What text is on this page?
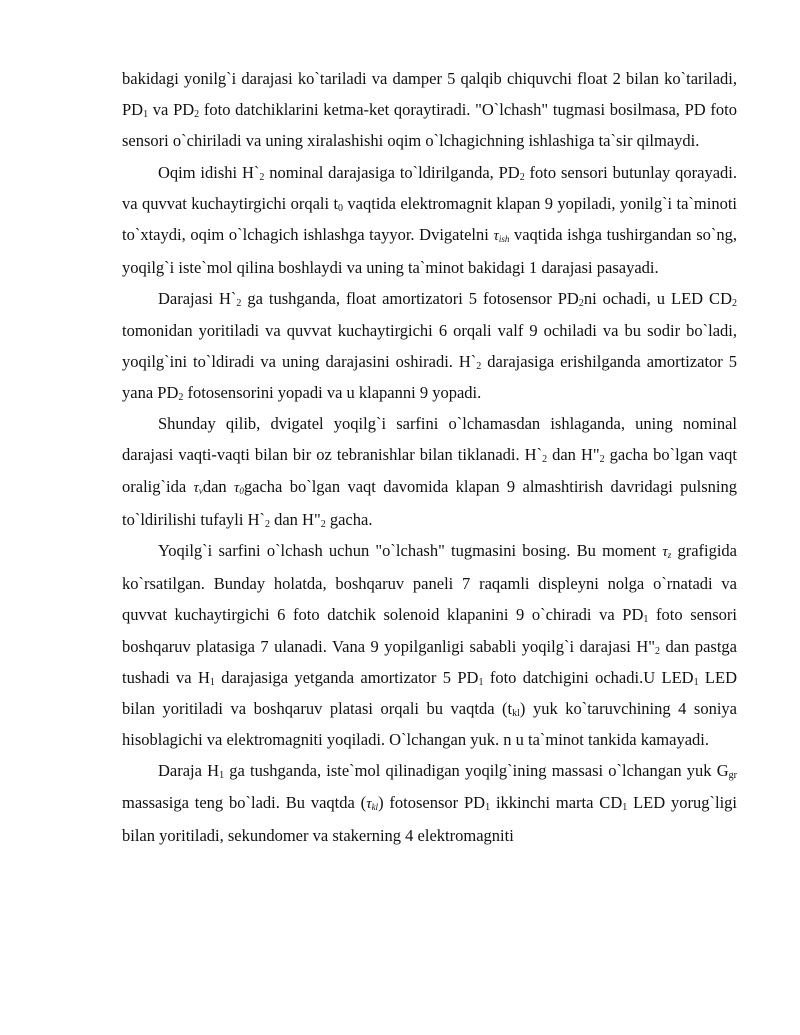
bakidagi yonilg`i darajasi ko`tariladi va damper 5 qalqib chiquvchi float 2 bilan ko`tariladi, $PD_1$ va $PD_2$ foto datchiklarini ketma-ket qoraytiradi. "O`lchash" tugmasi bosilmasa, PD foto sensori o`chiriladi va uning xiralashishi oqim o`lchagichning ishlashiga ta`sir qilmaydi.

Oqim idishi $H`_2$ nominal darajasiga to`ldirilganda, $PD_2$ foto sensori butunlay qorayadi. va quvvat kuchaytirgichi orqali $t_0$ vaqtida elektromagnit klapan 9 yopiladi, yonilg`i ta`minoti to`xtaydi, oqim o`lchagich ishlashga tayyor. Dvigatelni $\tau_{ish}$ vaqtida ishga tushirgandan so`ng, yoqilg`i iste`mol qilina boshlaydi va uning ta`minot bakidagi 1 darajasi pasayadi.

Darajasi $H`_2$ ga tushganda, float amortizatori 5 fotosensor $PD_2ni$ ochadi, u LED $CD_2$ tomonidan yoritiladi va quvvat kuchaytirgichi 6 orqali valf 9 ochiladi va bu sodir bo`ladi, yoqilg`ini to`ldiradi va uning darajasini oshiradi. $H`_2$ darajasiga erishilganda amortizator 5 yana $PD_2$ fotosensorini yopadi va u klapanni 9 yopadi.

Shunday qilib, dvigatel yoqilg`i sarfini o`lchamasdan ishlaganda, uning nominal darajasi vaqti-vaqti bilan bir oz tebranishlar bilan tiklanadi. $H`_2$ dan $H"_2$ gacha bo`lgan vaqt oralig`ida $\tau_vdan$ $\tau_0gacha$ bo`lgan vaqt davomida klapan 9 almashtirish davridagi pulsning to`ldirilishi tufayli $H`_2$ dan $H"_2$ gacha.

Yoqilg`i sarfini o`lchash uchun "o`lchash" tugmasini bosing. Bu moment $\tau_z$ grafigida ko`rsatilgan. Bunday holatda, boshqaruv paneli 7 raqamli displeyni nolga o`rnatadi va quvvat kuchaytirgichi 6 foto datchik solenoid klapanini 9 o`chiradi va $PD_1$ foto sensori boshqaruv platasiga 7 ulanadi. Vana 9 yopilganligi sababli yoqilg`i darajasi $H"_2$ dan pastga tushadi va $H_1$ darajasiga yetganda amortizator 5 $PD_1$ foto datchigini ochadi.U $LED_1$ LED bilan yoritiladi va boshqaruv platasi orqali bu vaqtda $(t_{kl})$ yuk ko`taruvchining 4 soniya hisoblagichi va elektromagniti yoqiladi. O`lchangan yuk. n u ta`minot tankida kamayadi.

Daraja $H_1$ ga tushganda, iste`mol qilinadigan yoqilg`ining massasi o`lchangan yuk $G_{gr}$ massasiga teng bo`ladi. Bu vaqtda $(\tau_{kl})$ fotosensor $PD_1$ ikkinchi marta $CD_1$ LED yorug`ligi bilan yoritiladi, sekundomer va stakerning 4 elektromagniti
